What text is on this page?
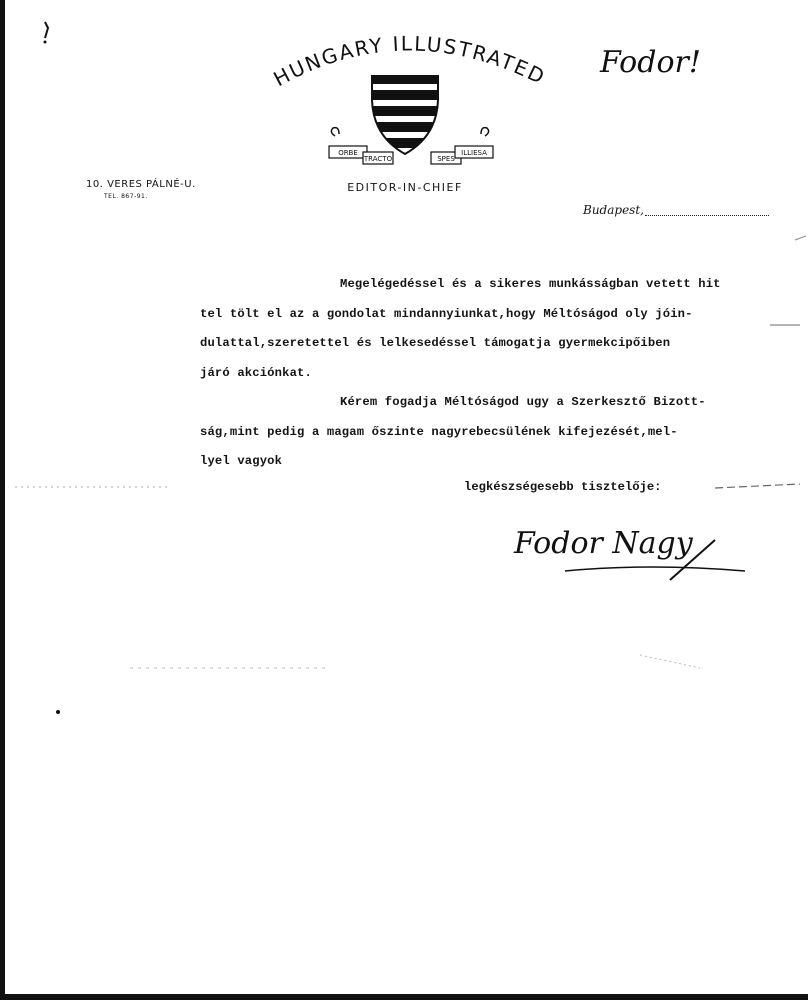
HUNGARY ILLUSTRATED
ORBE
TRACTO	SPES
ILLIESA
EDITOR-IN-CHIEF
10. VERES PÁLNÉ-U.
TEL. 867-91.
Budapest,
Fodor!
Megelégedéssel és a sikeres munkásságban vetett hit
tel tölt el az a gondolat mindannyiunkat,hogy Méltóságod oly jóin-
dulattal,szeretettel és lelkesedéssel támogatja gyermekcipőiben
járó akciónkat.
Kérem fogadja Méltóságod ugy a Szerkesztő Bizott-
ság,mint pedig a magam őszinte nagyrebecsülének kifejezését,mel-
lyel vagyok
legkészségesebb tisztelője:
Fodor Nagy
